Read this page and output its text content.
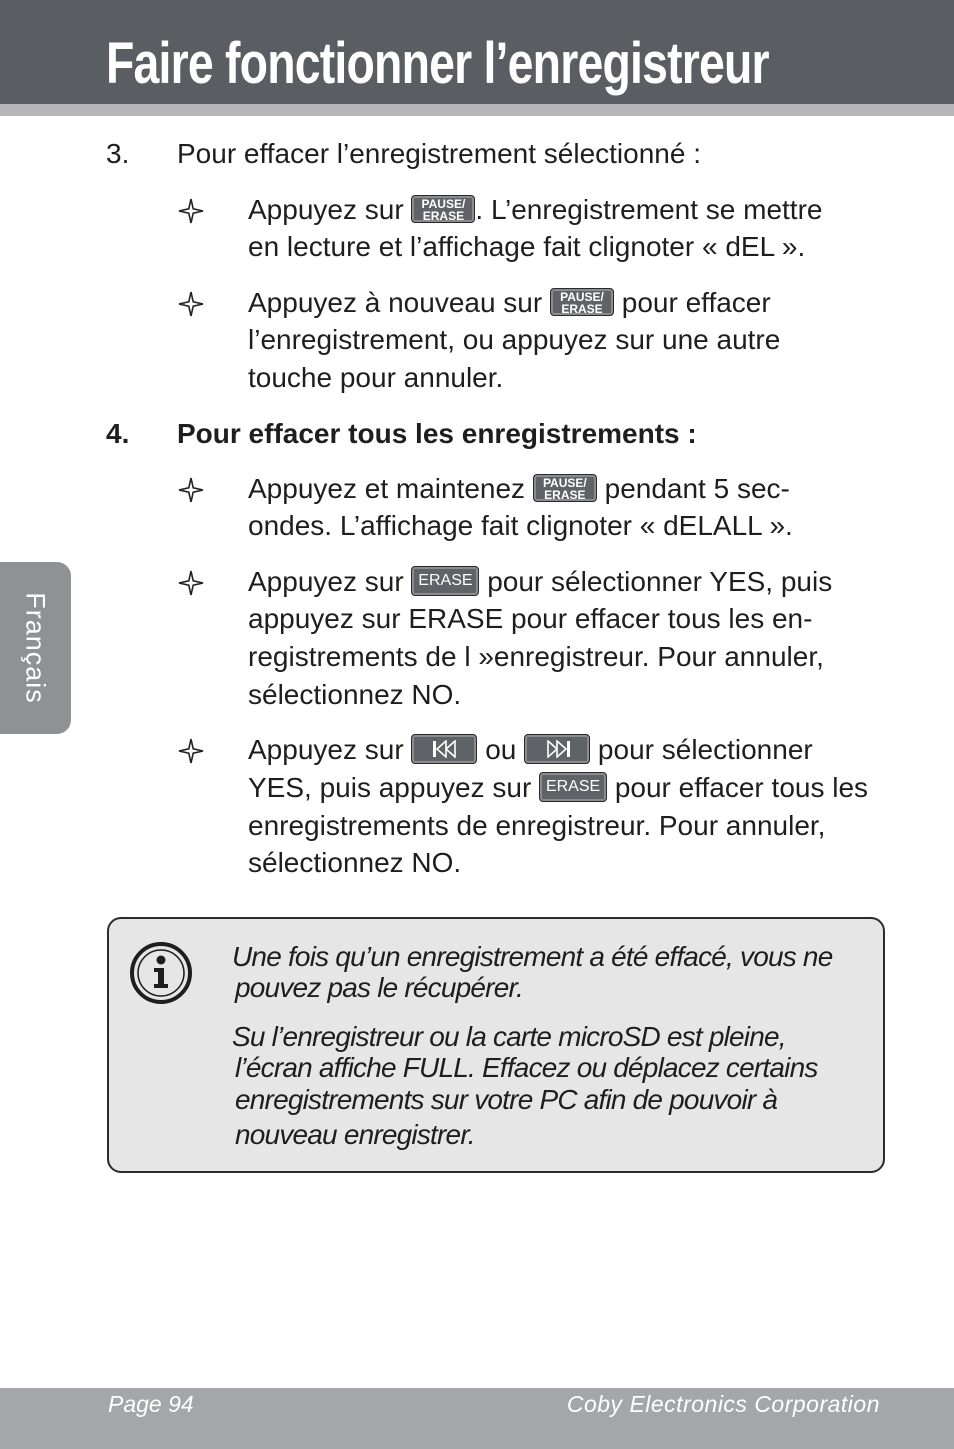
Faire fonctionner l’enregistreur
Français
3. Pour effacer l’enregistrement sélectionné :
Appuyez sur PAUSE/
ERASE . L’enregistrement se mettre
en lecture et l’affichage fait clignoter « dEL ».
Appuyez à nouveau sur PAUSE/
ERASE pour effacer
l’enregistrement, ou appuyez sur une autre
touche pour annuler.
4. Pour effacer tous les enregistrements :
Appuyez et maintenez PAUSE/
ERASE pendant 5 sec-
ondes. L’affichage fait clignoter « dELALL ».
Appuyez sur ERASE pour sélectionner YES, puis
appuyez sur ERASE pour effacer tous les en-
registrements de l »enregistreur. Pour annuler,
sélectionnez NO.
Appuyez sur	ou	pour sélectionner
YES, puis appuyez sur ERASE pour effacer tous les
enregistrements de enregistreur. Pour annuler,
sélectionnez NO.
Une fois qu’un enregistrement a été effacé, vous ne
pouvez pas le récupérer.
Su l’enregistreur ou la carte microSD est pleine,
l’écran affiche FULL. Effacez ou déplacez certains
enregistrements sur votre PC afin de pouvoir à
nouveau enregistrer.
Page 94	Coby Electronics Corporation
